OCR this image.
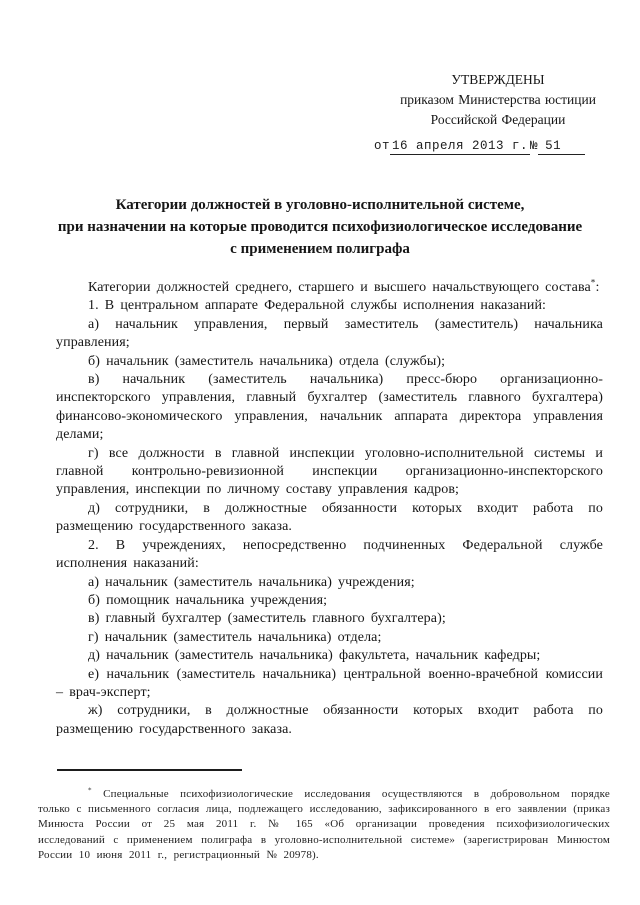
УТВЕРЖДЕНЫ
приказом Министерства юстиции
Российской Федерации
от 16 апреля 2013 г. № 51
Категории должностей в уголовно-исполнительной системе,
при назначении на которые проводится психофизиологическое исследование
с применением полиграфа

Категории должностей среднего, старшего и высшего начальствующего состава*:

1. В центральном аппарате Федеральной службы исполнения наказаний:

а) начальник управления, первый заместитель (заместитель) начальника управления;

б) начальник (заместитель начальника) отдела (службы);

в) начальник (заместитель начальника) пресс-бюро организационно-инспекторского управления, главный бухгалтер (заместитель главного бухгалтера) финансово-экономического управления, начальник аппарата директора управления делами;

г) все должности в главной инспекции уголовно-исполнительной системы и главной контрольно-ревизионной инспекции организационно-инспекторского управления, инспекции по личному составу управления кадров;

д) сотрудники, в должностные обязанности которых входит работа по размещению государственного заказа.

2. В учреждениях, непосредственно подчиненных Федеральной службе исполнения наказаний:

а) начальник (заместитель начальника) учреждения;

б) помощник начальника учреждения;

в) главный бухгалтер (заместитель главного бухгалтера);

г) начальник (заместитель начальника) отдела;

д) начальник (заместитель начальника) факультета, начальник кафедры;

е) начальник (заместитель начальника) центральной военно-врачебной комиссии – врач-эксперт;

ж) сотрудники, в должностные обязанности которых входит работа по размещению государственного заказа.

* Специальные психофизиологические исследования осуществляются в добровольном порядке только с письменного согласия лица, подлежащего исследованию, зафиксированного в его заявлении (приказ Минюста России от 25 мая 2011 г. № 165 «Об организации проведения психофизиологических исследований с применением полиграфа в уголовно-исполнительной системе» (зарегистрирован Минюстом России 10 июня 2011 г., регистрационный № 20978).
